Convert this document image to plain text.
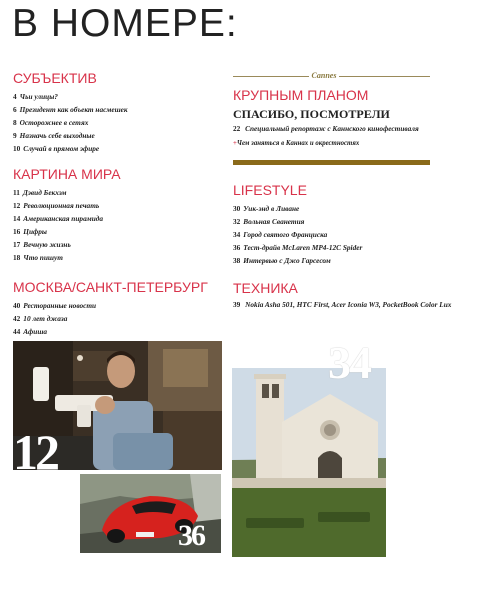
В НОМЕРЕ:
СУБЪЕКТИВ
4 Чьи улицы?
6 Президент как объект насмешек
8 Осторожнее в сетях
9 Назначь себе выходные
10 Случай в прямом эфире
КАРТИНА МИРА
11 Дэвид Бекхэм
12 Революционная печать
14 Американская пирамида
16 Цифры
17 Вечную жизнь
18 Что пишут
МОСКВА/САНКТ-ПЕТЕРБУРГ
40 Ресторанные новости
42 10 лет джаза
44 Афиша
Cannes
КРУПНЫМ ПЛАНОМ
СПАСИБО, ПОСМОТРЕЛИ
22 Специальный репортаж с Каннского кинофестиваля
+Чем заняться в Каннах и окрестностях
LIFESTYLE
30 Уик-энд в Ливане
32 Вольная Сванетия
34 Город святого Франциска
36 Тест-драйв McLaren MP4-12C Spider
38 Интервью с Джо Гарсесом
ТЕХНИКА
39 Nokia Asha 501, HTC First, Acer Iconia W3, PocketBook Color Lux
12
36
34
